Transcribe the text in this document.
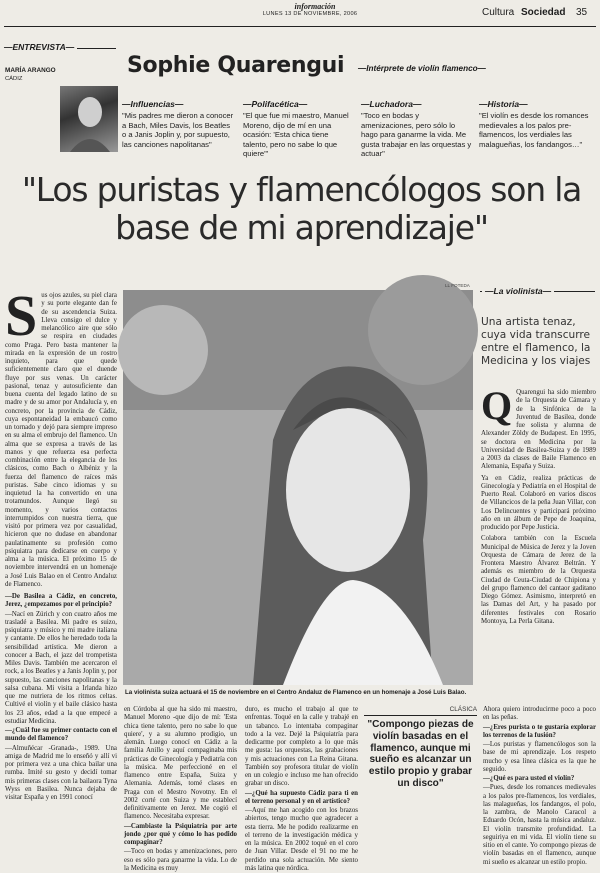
información
LUNES 13 DE NOVIEMBRE, 2006	Cultura Sociedad 35
—ENTREVISTA—
MARÍA ARANGO
CÁDIZ
Sophie Quarengui —Intérprete de violín flamenco—
—Influencias—
"Mis padres me dieron a conocer a Bach, Miles Davis, los Beatles o a Janis Joplin y, por supuesto, las canciones napolitanas"
—Polifacética—
"El que fue mi maestro, Manuel Moreno, dijo de mí en una ocasión: 'Esta chica tiene talento, pero no sabe lo que quiere'"
—Luchadora—
"Toco en bodas y amenizaciones, pero sólo lo hago para ganarme la vida. Me gusta trabajar en las orquestas y actuar"
—Historia—
"El violín es desde los romances medievales a los palos pre-flamencos, los verdiales las malagueñas, los fandangos…"
"Los puristas y flamencólogos son la base de mi aprendizaje"
S us ojos azules, su piel clara y su porte elegante dan fe de su ascendencia Suiza. Lleva consigo el dulce y melancólico aire que sólo se respira en ciudades como Praga. Pero basta mantener la mirada en la expresión de un rostro inquieto, para que quede suficientemente claro que el duende fluye por sus venas. Un carácter pasional, tenaz y autosuficiente dan buena cuenta del legado latino de su madre y de su amor por Andalucía y, en concreto, por la provincia de Cádiz, cuya espontaneidad la embaucó como un tornado y dejó para siempre impreso en su alma el embrujo del flamenco. Un alma que se expresa a través de las manos y que refuerza esa perfecta combinación entre la elegancia de los clásicos, como Bach o Albéniz y la fuerza del flamenco de raíces más puristas. Sabe cinco idiomas y su inquietud la ha convertido en una trotamundos. Aunque llegó su momento, y varios contactos interrumpidos con nuestra tierra, que visitó por primera vez por casualidad, hicieron que no dudase en abandonar paulatinamente su profesión como psiquiatra para dedicarse en cuerpo y alma a la música. El próximo 15 de noviembre intervendrá en un homenaje a José Luis Balao en el Centro Andaluz de Flamenco.

—De Basilea a Cádiz, en concreto, Jerez, ¿empezamos por el principio?

—Nací en Zúrich y con cuatro años me trasladé a Basilea. Mi padre es suizo, psiquiatra y músico y mi madre italiana y cantante. De ellos he heredado toda la sensibilidad artística. Me dieron a conocer a Bach, el jazz del trompetista Miles Davis. También me acercaron el rock, a los Beatles y a Janis Joplin y, por supuesto, las canciones napolitanas y la salsa cubana. Mi visita a Irlanda hizo que me nutriera de los ritmos celtas. Cultivé el violín y el baile clásico hasta los 23 años, edad a la que empecé a estudiar Medicina.

—¿Cuál fue su primer contacto con el mundo del flamenco?

—Almuñécar -Granada-, 1989. Una amiga de Madrid me lo enseñó y allí vi por primera vez a una chica bailar una rumba. Imité su gesto y decidí tomar mis primeras clases con la bailaora Tyna Wyss en Basilea. Nunca dejaba de visitar España y en 1991 conocí

LL FOTEDA
La violinista suiza actuará el 15 de noviembre en el Centro Andaluz de Flamenco en un homenaje a José Luis Balao.
—La violinista—
Una artista tenaz, cuya vida transcurre entre el flamenco, la Medicina y los viajes
Q Quarengui ha sido miembro de la Orquesta de Cámara y de la Sinfónica de la Juventud de Basilea, donde fue solista y alumna de Alexander Zöldy de Budapest. En 1995, se doctora en Medicina por la Universidad de Basilea-Suiza y de 1989 a 2003 da clases de Baile Flamenco en Alemania, España y Suiza.

Ya en Cádiz, realiza prácticas de Ginecología y Pediatría en el Hospital de Puerto Real. Colaboró en varios discos de Villancicos de la peña Juan Villar, con Los Delincuentes y participará próximo año en un álbum de Pepe de Joaquina, producido por Pepe Justicia.

Colabora también con la Escuela Municipal de Música de Jerez y la Joven Orquesta de Cámara de Jerez de la Frontera Maestro Álvarez Beltrán. Y además es miembro de la Orquesta Ciudad de Ceuta-Ciudad de Chipiona y del grupo flamenco del cantaor gaditano Diego Gómez. Asimismo, interpretó en las Damas del Art, y ha pasado por diferentes festivales con Rosario Montoya, La Perla Gitana.

en Córdoba al que ha sido mi maestro, Manuel Moreno -que dijo de mí: 'Esta chica tiene talento, pero no sabe lo que quiere', y a su alumno prodigio, un alemán. Luego conocí en Cádiz a la familia Anillo y aquí compaginaba mis prácticas de Ginecología y Pediatría con la música. Me perfeccioné en el flamenco entre España, Suiza y Alemania. Además, tomé clases en Praga con el Mestro Novotny. En el 2002 corté con Suiza y me establecí definitivamente en Jerez. Me cogió el flamenco. Necesitaba expresar.

—Cambiaste la Psiquiatría por arte jondo ¿por qué y cómo lo has podido compaginar?

—Toco en bodas y amenizaciones, pero eso es sólo para ganarme la vida. Lo de la Medicina es muy

duro, es mucho el trabajo al que te enfrentas. Toqué en la calle y trabajé en un tabanco. Lo intentaba compaginar todo a la vez. Dejé la Psiquiatría para dedicarme por completo a lo que más me gusta: las orquestas, las grabaciones y mis actuaciones con La Reina Gitana. También soy profesora titular de violín en un colegio e incluso me han ofrecido grabar un disco.

—¿Qué ha supuesto Cádiz para ti en el terreno personal y en el artístico?

—Aquí me han acogido con los brazos abiertos, tengo mucho que agradecer a esta tierra. Me he podido realizarme en el terreno de la investigación médica y en la música. En 2002 toqué en el coro de Juan Villar. Desde el 91 no me he perdido una sola actuación. Me siento más latina que nórdica.

CLÁSICA
"Compongo piezas de violín basadas en el flamenco, aunque mi sueño es alcanzar un estilo propio y grabar un disco"

Ahora quiero introducirme poco a poco en las peñas.

—¿Eres purista o te gustaría explorar los terrenos de la fusión?

—Los puristas y flamencólogos son la base de mi aprendizaje. Los respeto mucho y esa línea clásica es la que he seguido.

—¿Qué es para usted el violín?

—Pues, desde los romances medievales a los palos pre-flamencos, los verdiales, las malagueñas, los fandangos, el polo, la zambra, de Manolo Caracol a Eduardo Ocón, hasta la música andaluz. El violín transmite profundidad. La seguiriya en mi vida. El violín tiene su sitio en el cante. Yo compongo piezas de violín basadas en el flamenco, aunque mi sueño es alcanzar un estilo propio.
